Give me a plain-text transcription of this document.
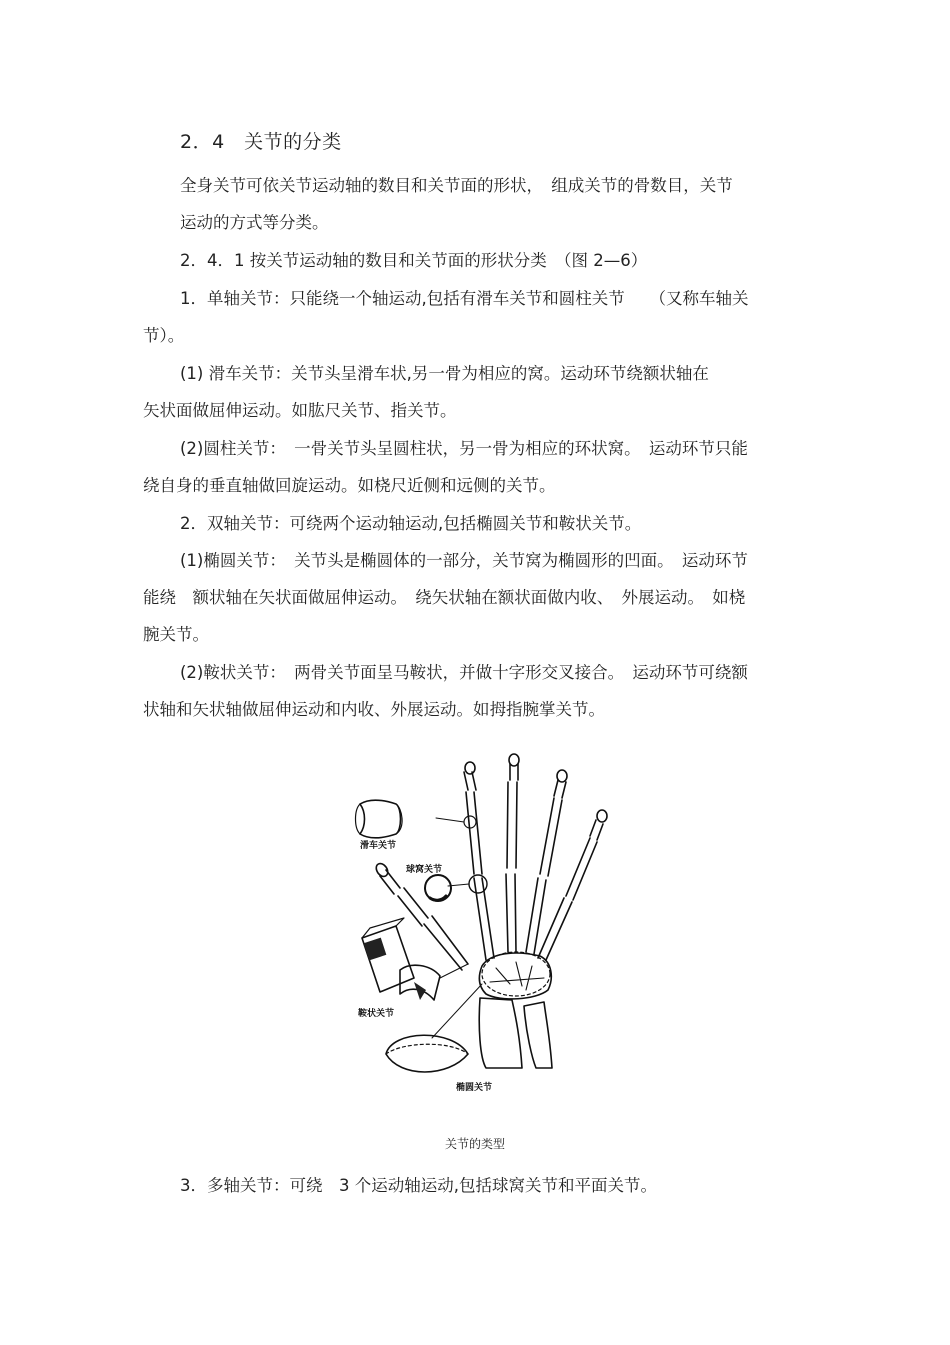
2．4　关节的分类
全身关节可依关节运动轴的数目和关节面的形状，　组成关节的骨数目，关节
运动的方式等分类。
2．4．1 按关节运动轴的数目和关节面的形状分类　（图 2—6）
1．单轴关节：只能绕一个轴运动,包括有滑车关节和圆柱关节　　（又称车轴关
节）。
(1) 滑车关节：关节头呈滑车状,另一骨为相应的窝。运动环节绕额状轴在
矢状面做屈伸运动。如肱尺关节、指关节。
(2)圆柱关节：　一骨关节头呈圆柱状，另一骨为相应的环状窝。　运动环节只能
绕自身的垂直轴做回旋运动。如桡尺近侧和远侧的关节。
2．双轴关节：可绕两个运动轴运动,包括椭圆关节和鞍状关节。
(1)椭圆关节：　关节头是椭圆体的一部分，关节窝为椭圆形的凹面。　运动环节
能绕　额状轴在矢状面做屈伸运动。　绕矢状轴在额状面做内收、　外展运动。　如桡
腕关节。
(2)鞍状关节：　两骨关节面呈马鞍状，并做十字形交叉接合。　运动环节可绕额
状轴和矢状轴做屈伸运动和内收、外展运动。如拇指腕掌关节。
滑车关节
球窝关节
鞍状关节
椭圆关节
关节的类型
3．多轴关节：可绕　3 个运动轴运动,包括球窝关节和平面关节。
